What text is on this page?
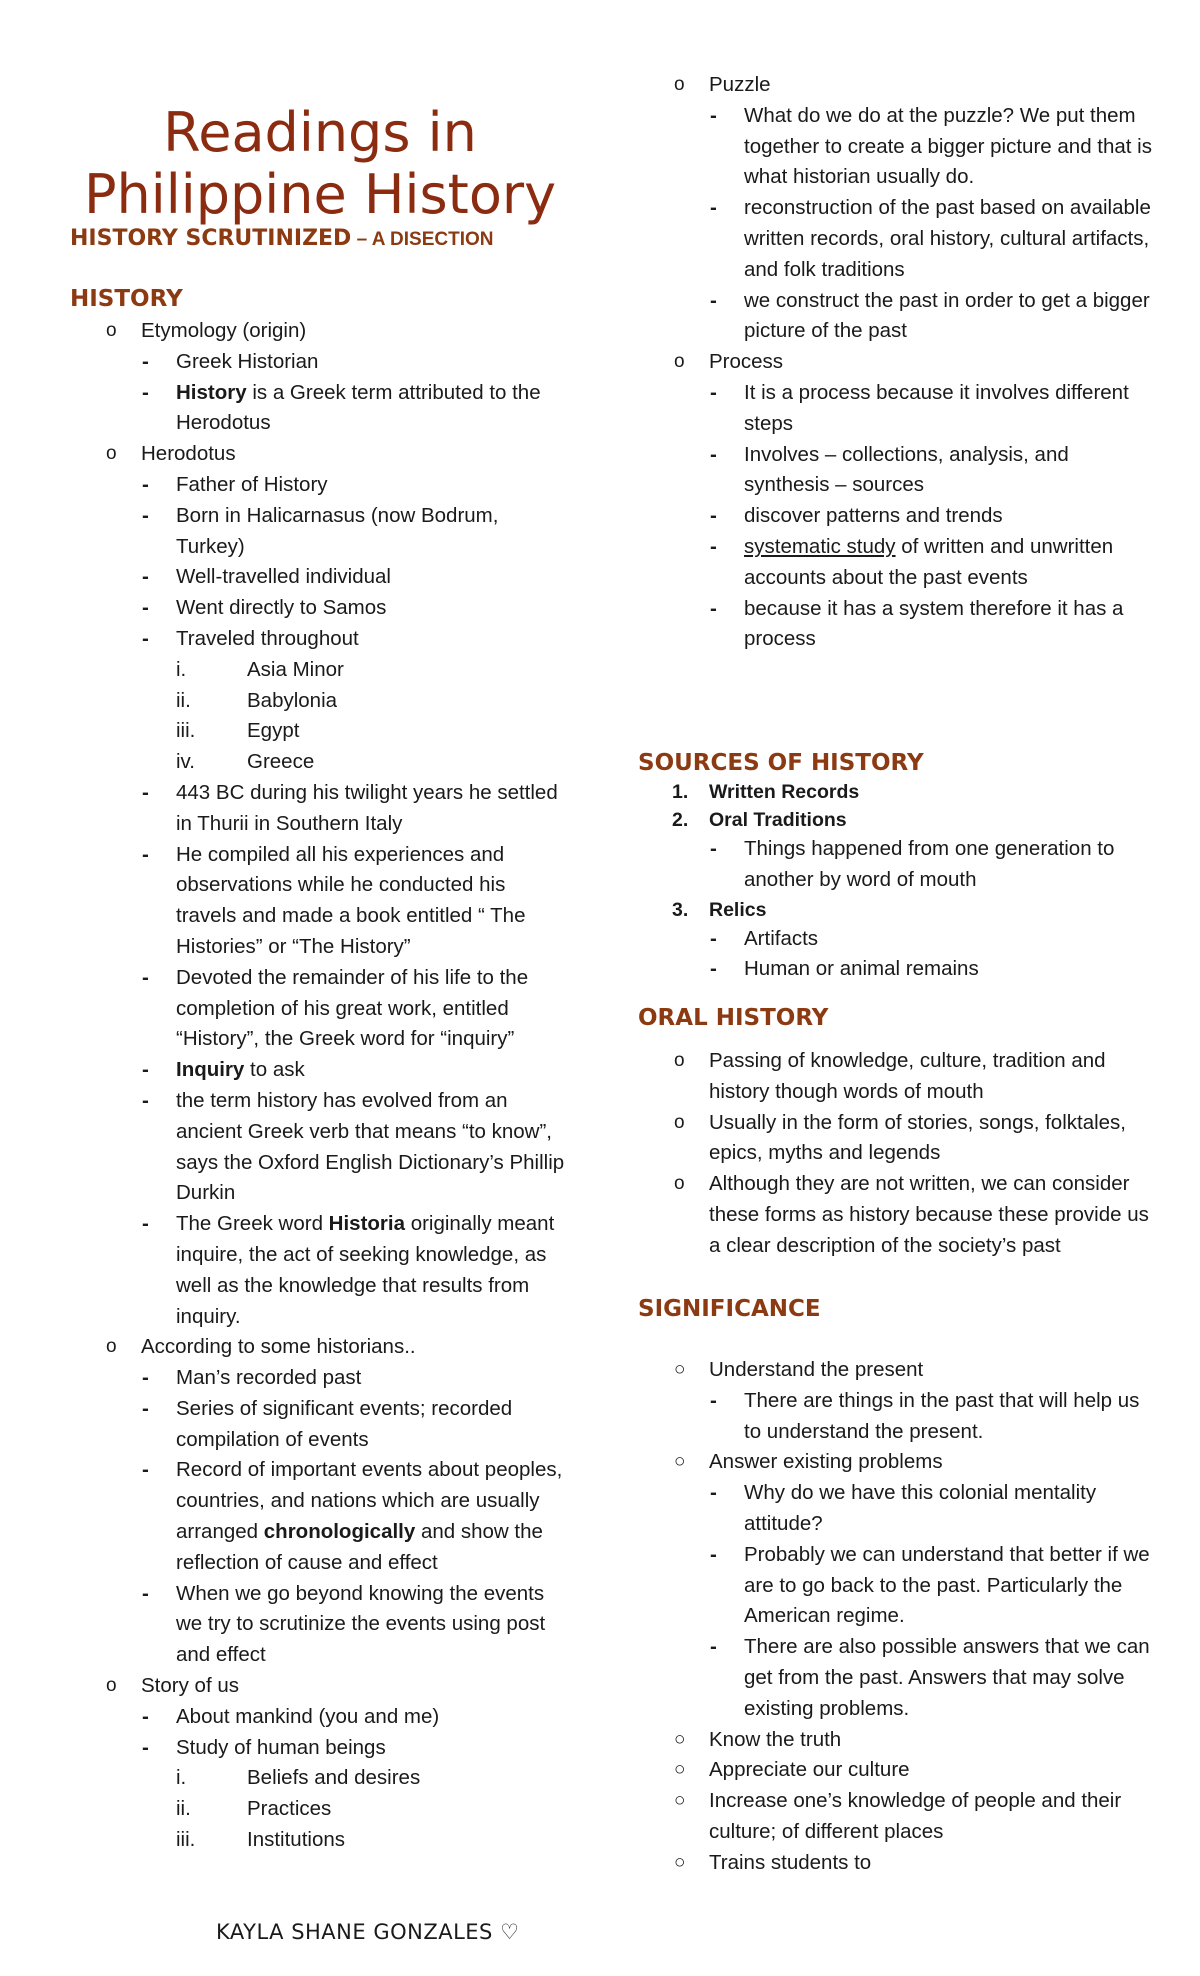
Readings in Philippine History
HISTORY SCRUTINIZED – A DISECTION
HISTORY
o Etymology (origin)
- Greek Historian
- History is a Greek term attributed to the Herodotus
o Herodotus
- Father of History
- Born in Halicarnasus (now Bodrum, Turkey)
- Well-travelled individual
- Went directly to Samos
- Traveled throughout
i.	Asia Minor
ii.	Babylonia
iii.	Egypt
iv.	Greece
- 443 BC during his twilight years he settled in Thurii in Southern Italy
- He compiled all his experiences and observations while he conducted his travels and made a book entitled “ The Histories” or “The History”
- Devoted the remainder of his life to the completion of his great work, entitled “History”, the Greek word for “inquiry”
- Inquiry to ask
- the term history has evolved from an ancient Greek verb that means “to know”, says the Oxford English Dictionary’s Phillip Durkin
- The Greek word Historia originally meant inquire, the act of seeking knowledge, as well as the knowledge that results from inquiry.
o According to some historians..
- Man’s recorded past
- Series of significant events; recorded compilation of events
- Record of important events about peoples, countries, and nations which are usually arranged chronologically and show the reflection of cause and effect
- When we go beyond knowing the events we try to scrutinize the events using post and effect
o Story of us
- About mankind (you and me)
- Study of human beings
i.	Beliefs and desires
ii.	Practices
iii.	Institutions
KAYLA SHANE GONZALES ♡
o Puzzle
- What do we do at the puzzle? We put them together to create a bigger picture and that is what historian usually do.
- reconstruction of the past based on available written records, oral history, cultural artifacts, and folk traditions
- we construct the past in order to get a bigger picture of the past
o Process
- It is a process because it involves different steps
- Involves – collections, analysis, and synthesis – sources
- discover patterns and trends
- systematic study of written and unwritten accounts about the past events
- because it has a system therefore it has a process
SOURCES OF HISTORY
1. Written Records
2. Oral Traditions
- Things happened from one generation to another by word of mouth
3. Relics
- Artifacts
- Human or animal remains
ORAL HISTORY
o Passing of knowledge, culture, tradition and history though words of mouth
o Usually in the form of stories, songs, folktales, epics, myths and legends
o Although they are not written, we can consider these forms as history because these provide us a clear description of the society’s past
SIGNIFICANCE
○ Understand the present
- There are things in the past that will help us to understand the present.
○ Answer existing problems
- Why do we have this colonial mentality attitude?
- Probably we can understand that better if we are to go back to the past. Particularly the American regime.
- There are also possible answers that we can get from the past. Answers that may solve existing problems.
○ Know the truth
○ Appreciate our culture
○ Increase one’s knowledge of people and their culture; of different places
○ Trains students to
